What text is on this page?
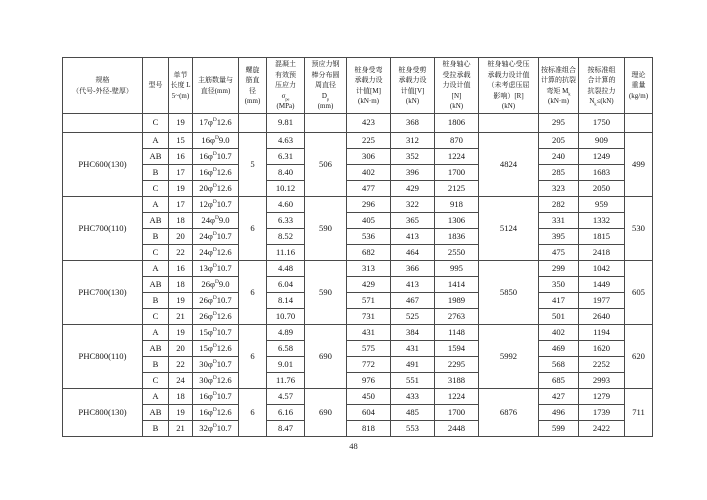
规格
（代号-外径-壁厚）	型号	单节
长度 L
5~(m)	主筋数量与
直径(mm)	螺旋
筋直
径
(mm)	混凝土
有效预
压应力
$\sigma_{pe}$
(MPa)	预应力钢
棒分布圆
周直径
$D_p$
(mm)	桩身受弯
承载力设
计值[M]
(kN·m)	桩身受剪
承载力设
计值[V]
(kN)	桩身轴心
受拉承载
力设计值
[N]
(kN)	桩身轴心受压
承载力设计值
（未考虑压屈
影响）[R]
(kN)	按标准组合
计算的抗裂
弯矩 $M_k$
(kN·m)	按标准组
合计算的
抗裂拉力
$N_k\le(kN)$	理论
重量
(kg/m)
	C	19	$17\varphi^D12.6$		9.81		423	368	1806		295	1750	
PHC600(130)	A	15	$16\varphi^D9.0$	5	4.63	506	225	312	870	4824	205	909	499
	AB	16	$16\varphi^D10.7$		6.31		306	352	1224		240	1249	
	B	17	$16\varphi^D12.6$		8.40		402	396	1700		285	1683	
	C	19	$20\varphi^D12.6$		10.12		477	429	2125		323	2050	
PHC700(110)	A	17	$12\varphi^D10.7$	6	4.60	590	296	322	918	5124	282	959	530
	AB	18	$24\varphi^D9.0$		6.33		405	365	1306		331	1332	
	B	20	$24\varphi^D10.7$		8.52		536	413	1836		395	1815	
	C	22	$24\varphi^D12.6$		11.16		682	464	2550		475	2418	
PHC700(130)	A	16	$13\varphi^D10.7$	6	4.48	590	313	366	995	5850	299	1042	605
	AB	18	$26\varphi^D9.0$		6.04		429	413	1414		350	1449	
	B	19	$26\varphi^D10.7$		8.14		571	467	1989		417	1977	
	C	21	$26\varphi^D12.6$		10.70		731	525	2763		501	2640	
PHC800(110)	A	19	$15\varphi^D10.7$	6	4.89	690	431	384	1148	5992	402	1194	620
	AB	20	$15\varphi^D12.6$		6.58		575	431	1594		469	1620	
	B	22	$30\varphi^D10.7$		9.01		772	491	2295		568	2252	
	C	24	$30\varphi^D12.6$		11.76		976	551	3188		685	2993	
PHC800(130)	A	18	$16\varphi^D10.7$	6	4.57	690	450	433	1224	6876	427	1279	711
	AB	19	$16\varphi^D12.6$		6.16		604	485	1700		496	1739	
	B	21	$32\varphi^D10.7$		8.47		818	553	2448		599	2422	
48
